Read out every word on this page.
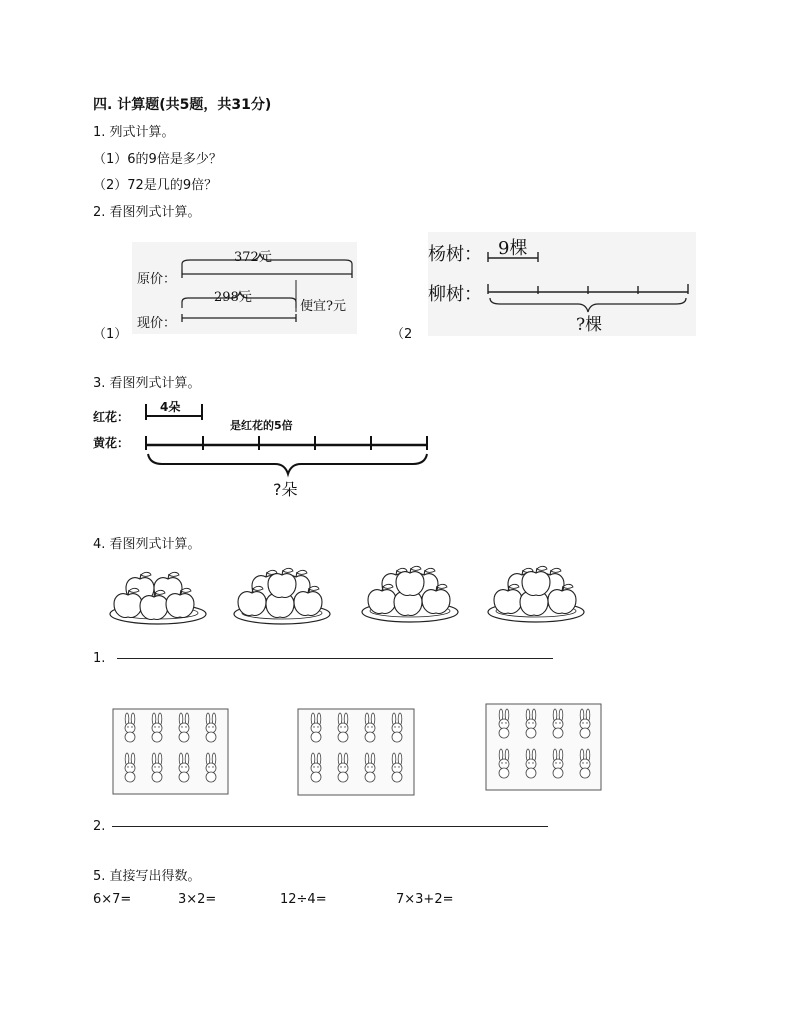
四. 计算题(共5题，共31分)
1. 列式计算。
（1）6的9倍是多少？
（2）72是几的9倍？
2. 看图列式计算。
（1）
372元
原价：
298元
便宜?元
现价：
（2
杨树： 9棵
柳树：
?棵
3. 看图列式计算。
红花：
4朵
黄花：
是红花的5倍
?朵
4. 看图列式计算。
1.
2.
5. 直接写出得数。
6×7=	3×2=	12÷4=	7×3+2=
